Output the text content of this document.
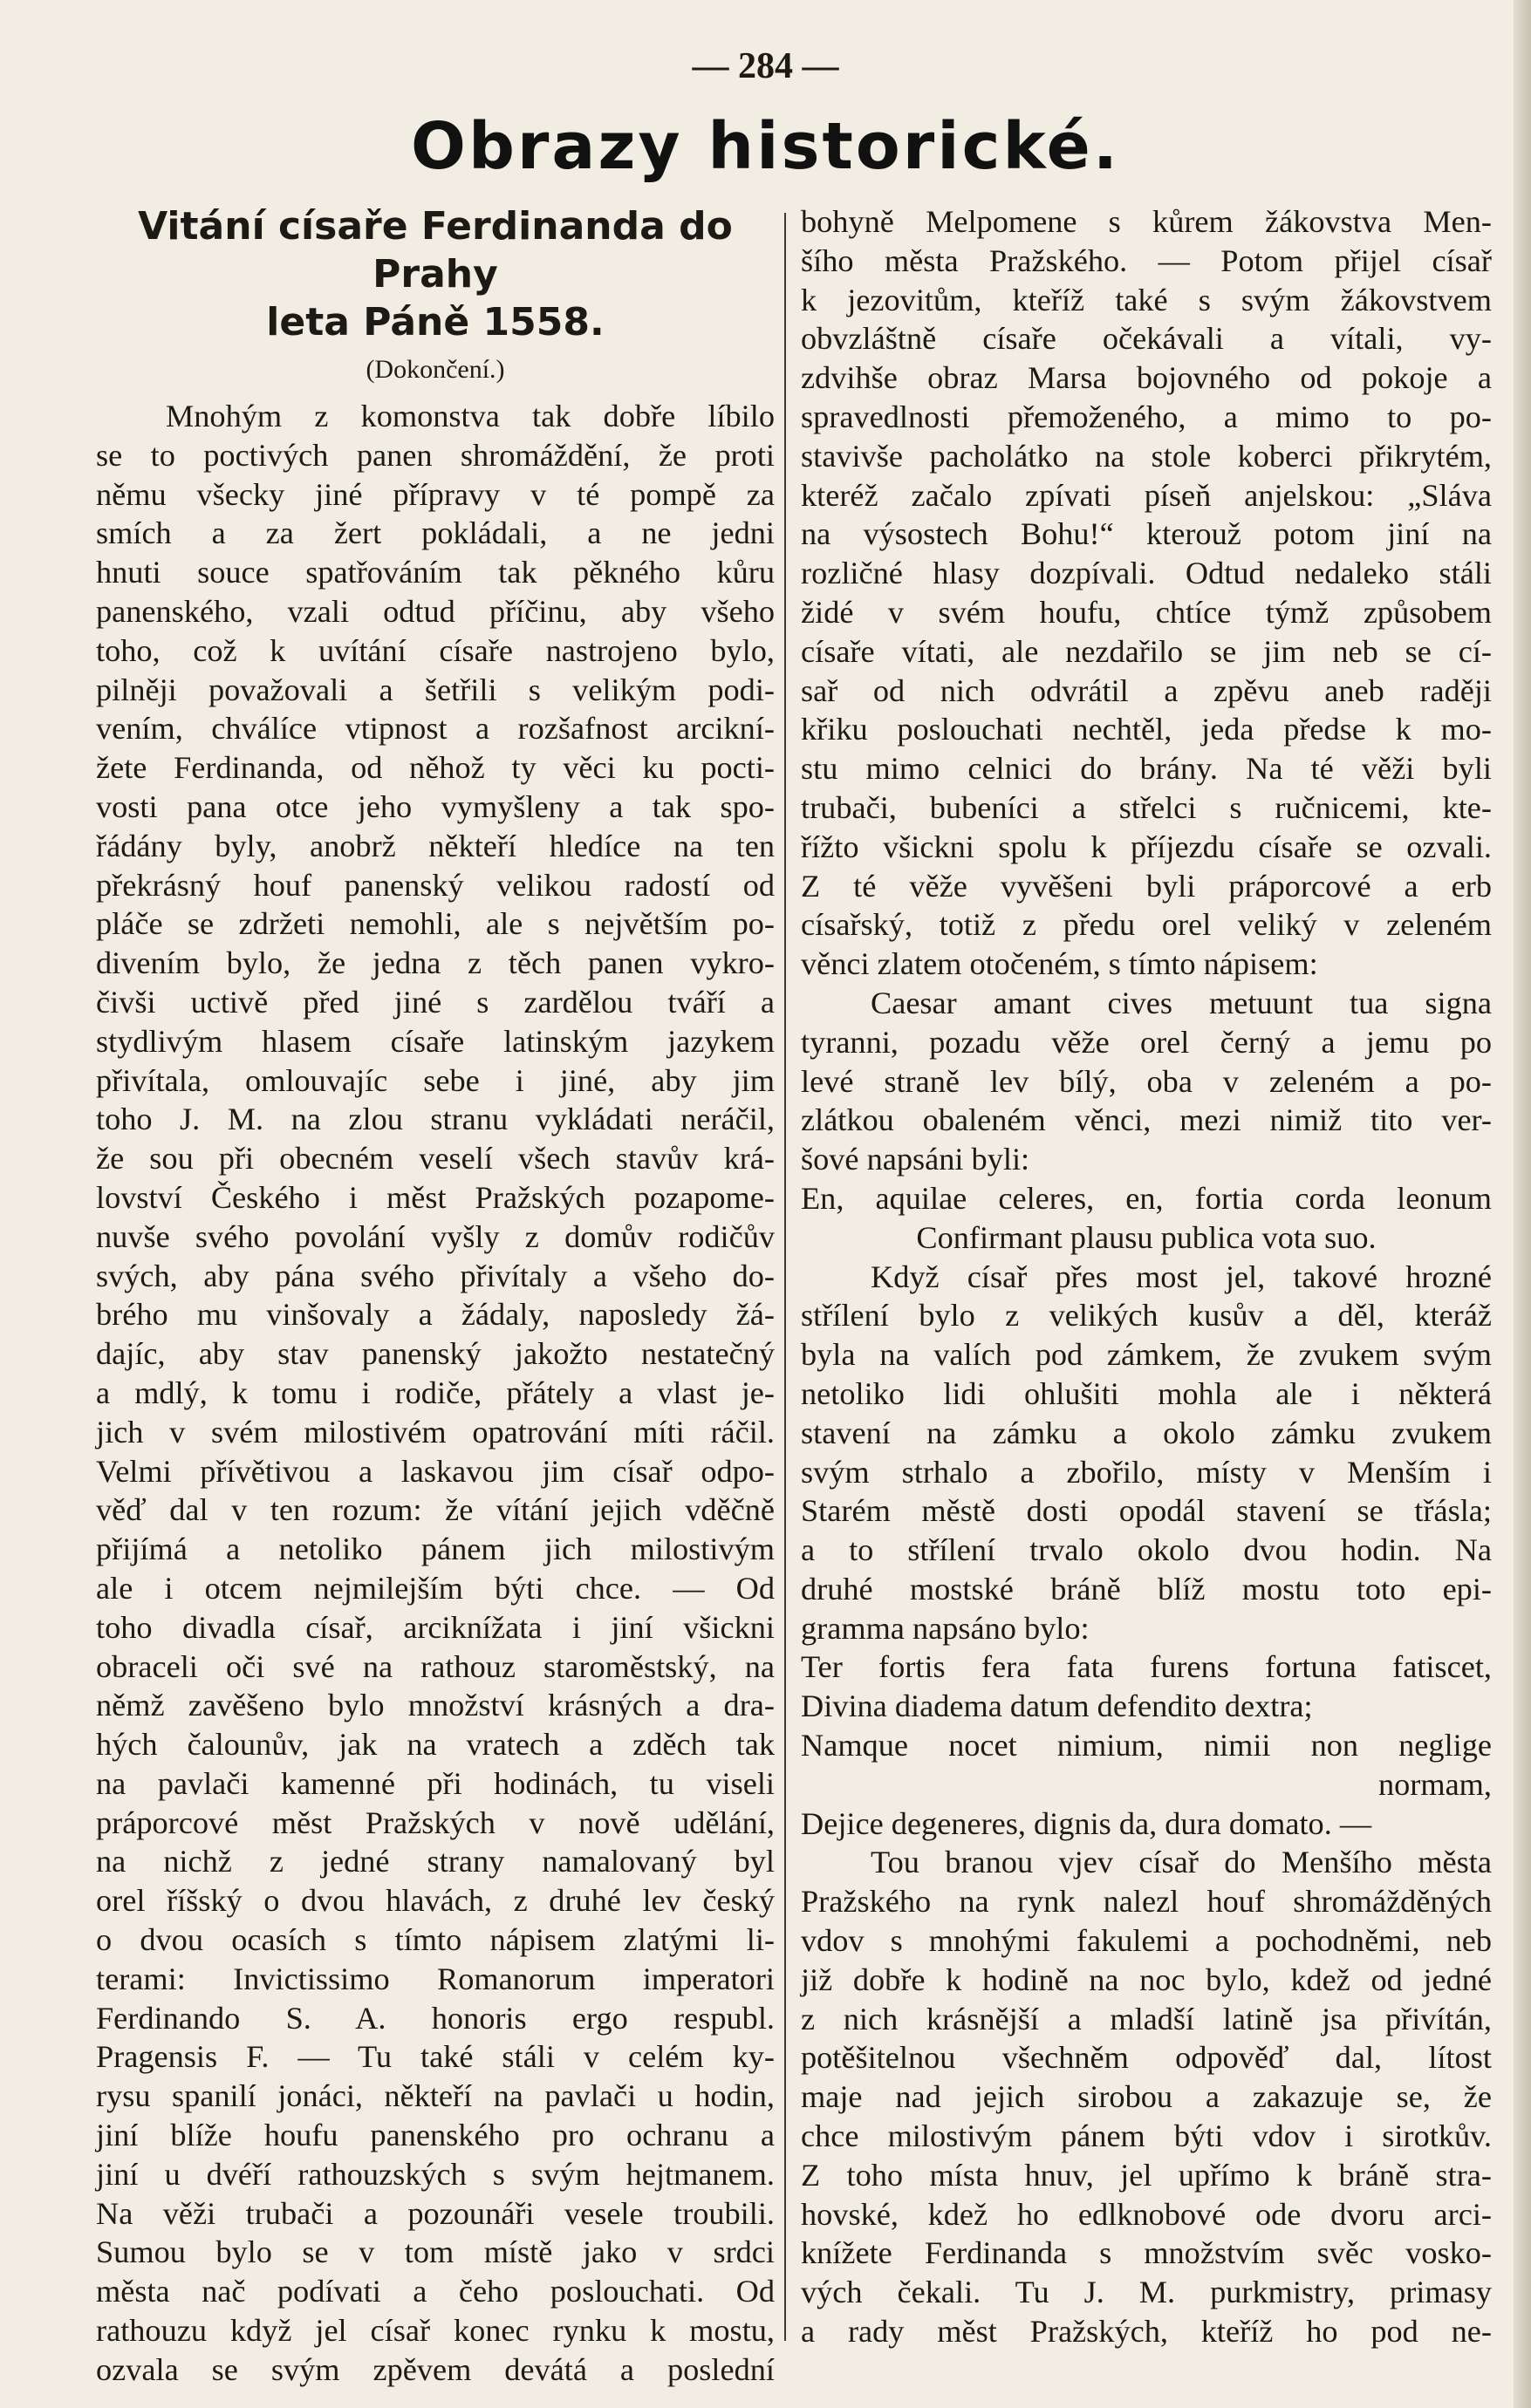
— 284 —
Obrazy historické.

Vitání císaře Ferdinanda do Prahy

leta Páně 1558.

(Dokončení.)

Mnohým z komonstva tak dobře líbilo

se to poctivých panen shromáždění, že proti

němu všecky jiné přípravy v té pompě za

smích a za žert pokládali, a ne jedni

hnuti souce spatřováním tak pěkného kůru

panenského, vzali odtud příčinu, aby všeho

toho, což k uvítání císaře nastrojeno bylo,

pilněji považovali a šetřili s velikým podi-

vením, chválíce vtipnost a rozšafnost arcikní-

žete Ferdinanda, od něhož ty věci ku pocti-

vosti pana otce jeho vymyšleny a tak spo-

řádány byly, anobrž někteří hledíce na ten

překrásný houf panenský velikou radostí od

pláče se zdržeti nemohli, ale s největším po-

divením bylo, že jedna z těch panen vykro-

čivši uctivě před jiné s zardělou tváří a

stydlivým hlasem císaře latinským jazykem

přivítala, omlouvajíc sebe i jiné, aby jim

toho J. M. na zlou stranu vykládati neráčil,

že sou při obecném veselí všech stavův krá-

lovství Českého i měst Pražských pozapome-

nuvše svého povolání vyšly z domův rodičův

svých, aby pána svého přivítaly a všeho do-

brého mu vinšovaly a žádaly, naposledy žá-

dajíc, aby stav panenský jakožto nestatečný

a mdlý, k tomu i rodiče, přátely a vlast je-

jich v svém milostivém opatrování míti ráčil.

Velmi přívětivou a laskavou jim císař odpo-

věď dal v ten rozum: že vítání jejich vděčně

přijímá a netoliko pánem jich milostivým

ale i otcem nejmilejším býti chce. — Od

toho divadla císař, arciknížata i jiní všickni

obraceli oči své na rathouz staroměstský, na

němž zavěšeno bylo množství krásných a dra-

hých čalounův, jak na vratech a zděch tak

na pavlači kamenné při hodinách, tu viseli

práporcové měst Pražských v nově udělání,

na nichž z jedné strany namalovaný byl

orel říšský o dvou hlavách, z druhé lev český

o dvou ocasích s tímto nápisem zlatými li-

terami: Invictissimo Romanorum imperatori

Ferdinando S. A. honoris ergo respubl.

Pragensis F. — Tu také stáli v celém ky-

rysu spanilí jonáci, někteří na pavlači u hodin,

jiní blíže houfu panenského pro ochranu a

jiní u dvéří rathouzských s svým hejtmanem.

Na věži trubači a pozounáři vesele troubili.

Sumou bylo se v tom místě jako v srdci

města nač podívati a čeho poslouchati. Od

rathouzu když jel císař konec rynku k mostu,

ozvala se svým zpěvem devátá a poslední

bohyně Melpomene s kůrem žákovstva Men-

šího města Pražského. — Potom přijel císař

k jezovitům, kteříž také s svým žákovstvem

obvzláštně císaře očekávali a vítali, vy-

zdvihše obraz Marsa bojovného od pokoje a

spravedlnosti přemoženého, a mimo to po-

stavivše pacholátko na stole koberci přikrytém,

kteréž začalo zpívati píseň anjelskou: „Sláva

na výsostech Bohu!“ kterouž potom jiní na

rozličné hlasy dozpívali. Odtud nedaleko stáli

židé v svém houfu, chtíce týmž způsobem

císaře vítati, ale nezdařilo se jim neb se cí-

sař od nich odvrátil a zpěvu aneb raději

křiku poslouchati nechtěl, jeda předse k mo-

stu mimo celnici do brány. Na té věži byli

trubači, bubeníci a střelci s ručnicemi, kte-

řížto všickni spolu k příjezdu císaře se ozvali.

Z té věže vyvěšeni byli práporcové a erb

císařský, totiž z předu orel veliký v zeleném

věnci zlatem otočeném, s tímto nápisem:

Caesar amant cives metuunt tua signa

tyranni, pozadu věže orel černý a jemu po

levé straně lev bílý, oba v zeleném a po-

zlátkou obaleném věnci, mezi nimiž tito ver-

šové napsáni byli:

En, aquilae celeres, en, fortia corda leonum

Confirmant plausu publica vota suo.

Když císař přes most jel, takové hrozné

střílení bylo z velikých kusův a děl, kteráž

byla na valích pod zámkem, že zvukem svým

netoliko lidi ohlušiti mohla ale i některá

stavení na zámku a okolo zámku zvukem

svým strhalo a zbořilo, místy v Menším i

Starém městě dosti opodál stavení se třásla;

a to střílení trvalo okolo dvou hodin. Na

druhé mostské bráně blíž mostu toto epi-

gramma napsáno bylo:

Ter fortis fera fata furens fortuna fatiscet,

Divina diadema datum defendito dextra;

Namque nocet nimium, nimii non neglige

normam,

Dejice degeneres, dignis da, dura domato. —

Tou branou vjev císař do Menšího města

Pražského na rynk nalezl houf shromážděných

vdov s mnohými fakulemi a pochodněmi, neb

již dobře k hodině na noc bylo, kdež od jedné

z nich krásnější a mladší latině jsa přivítán,

potěšitelnou všechněm odpověď dal, lítost

maje nad jejich sirobou a zakazuje se, že

chce milostivým pánem býti vdov i sirotkův.

Z toho místa hnuv, jel upřímo k bráně stra-

hovské, kdež ho edlknobové ode dvoru arci-

knížete Ferdinanda s množstvím svěc vosko-

vých čekali. Tu J. M. purkmistry, primasy

a rady měst Pražských, kteříž ho pod ne-
